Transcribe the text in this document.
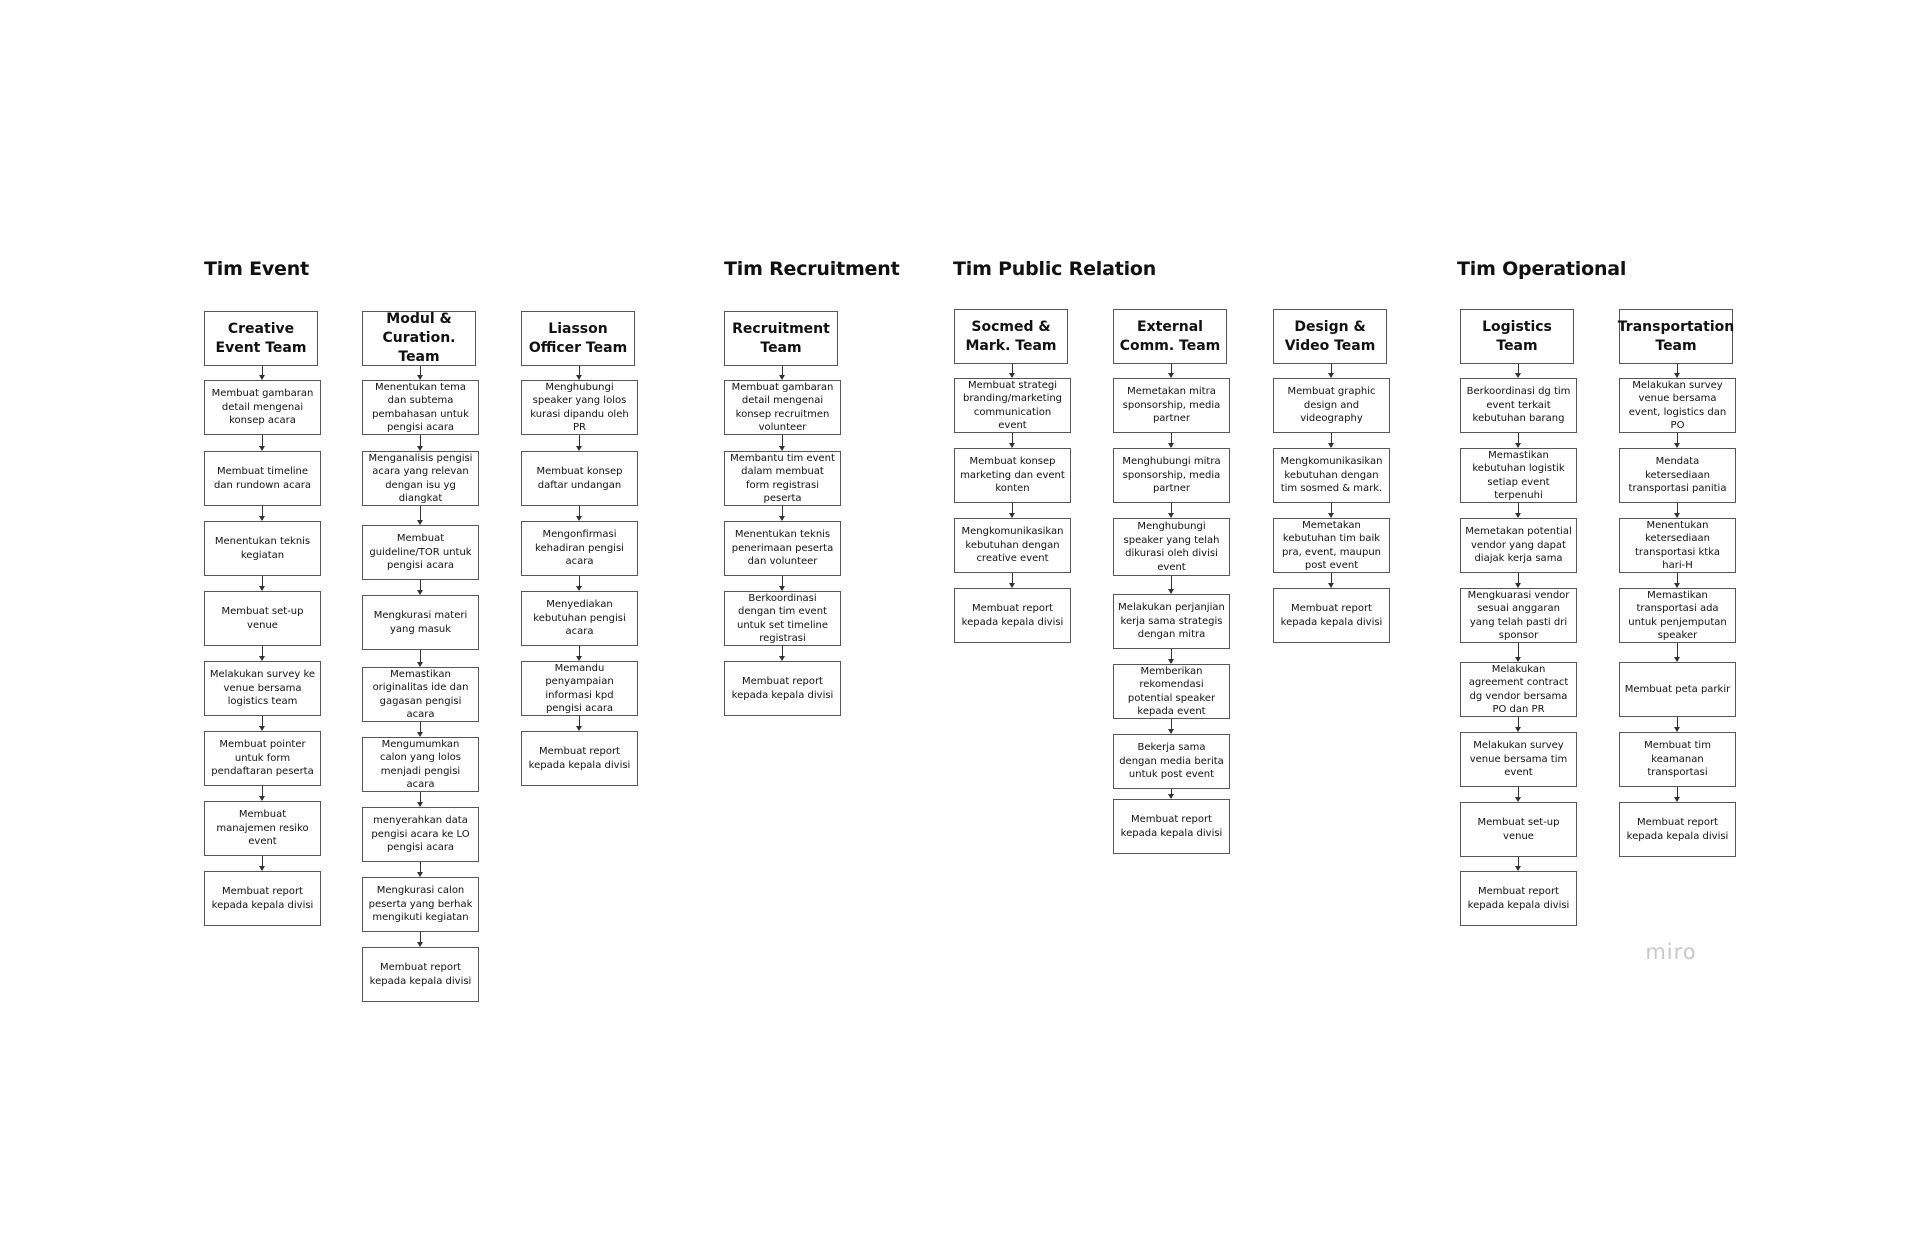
Tim Event
Creative Event Team
Membuat gambaran detail mengenai konsep acara
Membuat timeline dan rundown acara
Menentukan teknis kegiatan
Membuat set-up venue
Melakukan survey ke venue bersama logistics team
Membuat pointer untuk form pendaftaran peserta
Membuat manajemen resiko event
Membuat report kepada kepala divisi
Modul & Curation. Team
Menentukan tema dan subtema pembahasan untuk pengisi acara
Menganalisis pengisi acara yang relevan dengan isu yg diangkat
Membuat guideline/TOR untuk pengisi acara
Mengkurasi materi yang masuk
Memastikan originalitas ide dan gagasan pengisi acara
Mengumumkan calon yang lolos menjadi pengisi acara
menyerahkan data pengisi acara ke LO pengisi acara
Mengkurasi calon peserta yang berhak mengikuti kegiatan
Membuat report kepada kepala divisi
Liasson Officer Team
Menghubungi speaker yang lolos kurasi dipandu oleh PR
Membuat konsep daftar undangan
Mengonfirmasi kehadiran pengisi acara
Menyediakan kebutuhan pengisi acara
Memandu penyampaian informasi kpd pengisi acara
Membuat report kepada kepala divisi
Tim Recruitment
Recruitment Team
Membuat gambaran detail mengenai konsep recruitmen volunteer
Membantu tim event dalam membuat form registrasi peserta
Menentukan teknis penerimaan peserta dan volunteer
Berkoordinasi dengan tim event untuk set timeline registrasi
Membuat report kepada kepala divisi
Tim Public Relation
Socmed & Mark. Team
Membuat strategi branding/marketing communication event
Membuat konsep marketing dan event konten
Mengkomunikasikan kebutuhan dengan creative event
Membuat report kepada kepala divisi
External Comm. Team
Memetakan mitra sponsorship, media partner
Menghubungi mitra sponsorship, media partner
Menghubungi speaker yang telah dikurasi oleh divisi event
Melakukan perjanjian kerja sama strategis dengan mitra
Memberikan rekomendasi potential speaker kepada event
Bekerja sama dengan media berita untuk post event
Membuat report kepada kepala divisi
Design & Video Team
Membuat graphic design and videography
Mengkomunikasikan kebutuhan dengan tim sosmed & mark.
Memetakan kebutuhan tim baik pra, event, maupun post event
Membuat report kepada kepala divisi
Tim Operational
Logistics Team
Berkoordinasi dg tim event terkait kebutuhan barang
Memastikan kebutuhan logistik setiap event terpenuhi
Memetakan potential vendor yang dapat diajak kerja sama
Mengkuarasi vendor sesuai anggaran yang telah pasti dri sponsor
Melakukan agreement contract dg vendor bersama PO dan PR
Melakukan survey venue bersama tim event
Membuat set-up venue
Membuat report kepada kepala divisi
Transportation Team
Melakukan survey venue bersama event, logistics dan PO
Mendata ketersediaan transportasi panitia
Menentukan ketersediaan transportasi ktka hari-H
Memastikan transportasi ada untuk penjemputan speaker
Membuat peta parkir
Membuat tim keamanan transportasi
Membuat report kepada kepala divisi
miro
